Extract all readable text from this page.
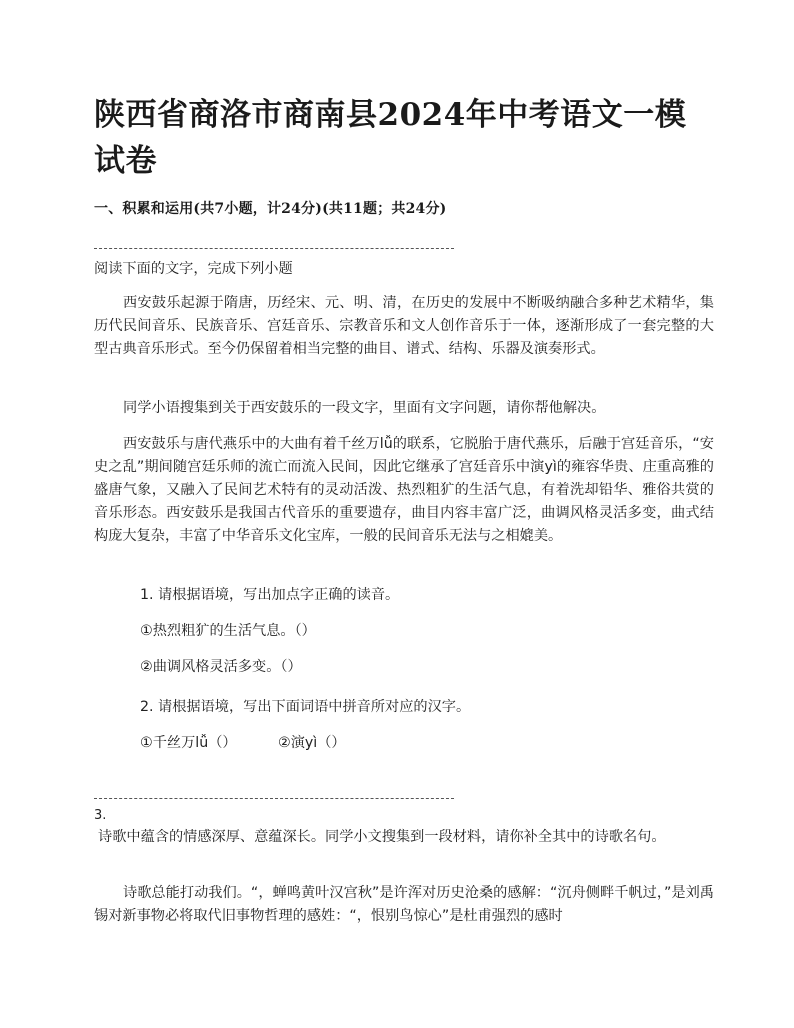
陕西省商洛市商南县2024年中考语文一模试卷
一、积累和运用(共7小题，计24分)(共11题；共24分)
阅读下面的文字，完成下列小题

西安鼓乐起源于隋唐，历经宋、元、明、清，在历史的发展中不断吸纳融合多种艺术精华，集历代民间音乐、民族音乐、宫廷音乐、宗教音乐和文人创作音乐于一体，逐渐形成了一套完整的大型古典音乐形式。至今仍保留着相当完整的曲目、谱式、结构、乐器及演奏形式。

同学小语搜集到关于西安鼓乐的一段文字，里面有文字问题，请你帮他解决。

西安鼓乐与唐代燕乐中的大曲有着千丝万lǚ的联系，它脱胎于唐代燕乐，后融于宫廷音乐，“安史之乱”期间随宫廷乐师的流亡而流入民间，因此它继承了宫廷音乐中演yì的雍容华贵、庄重高雅的盛唐气象，又融入了民间艺术特有的灵动活泼、热烈粗犷的生活气息，有着洗却铅华、雅俗共赏的音乐形态。西安鼓乐是我国古代音乐的重要遗存，曲目内容丰富广泛，曲调风格灵活多变，曲式结构庞大复杂，丰富了中华音乐文化宝库，一般的民间音乐无法与之相媲美。

1. 请根据语境，写出加点字正确的读音。
①热烈粗犷的生活气息。（）
②曲调风格灵活多变。（）
2. 请根据语境，写出下面词语中拼音所对应的汉字。
①千丝万lǚ（）	②演yì（）
3.

诗歌中蕴含的情感深厚、意蕴深长。同学小文搜集到一段材料，请你补全其中的诗歌名句。

诗歌总能打动我们。“，蝉鸣黄叶汉宫秋”是许浑对历史沧桑的感解：“沉舟侧畔千帆过，”是刘禹锡对新事物必将取代旧事物哲理的感姓：“，恨别鸟惊心”是杜甫强烈的感时
